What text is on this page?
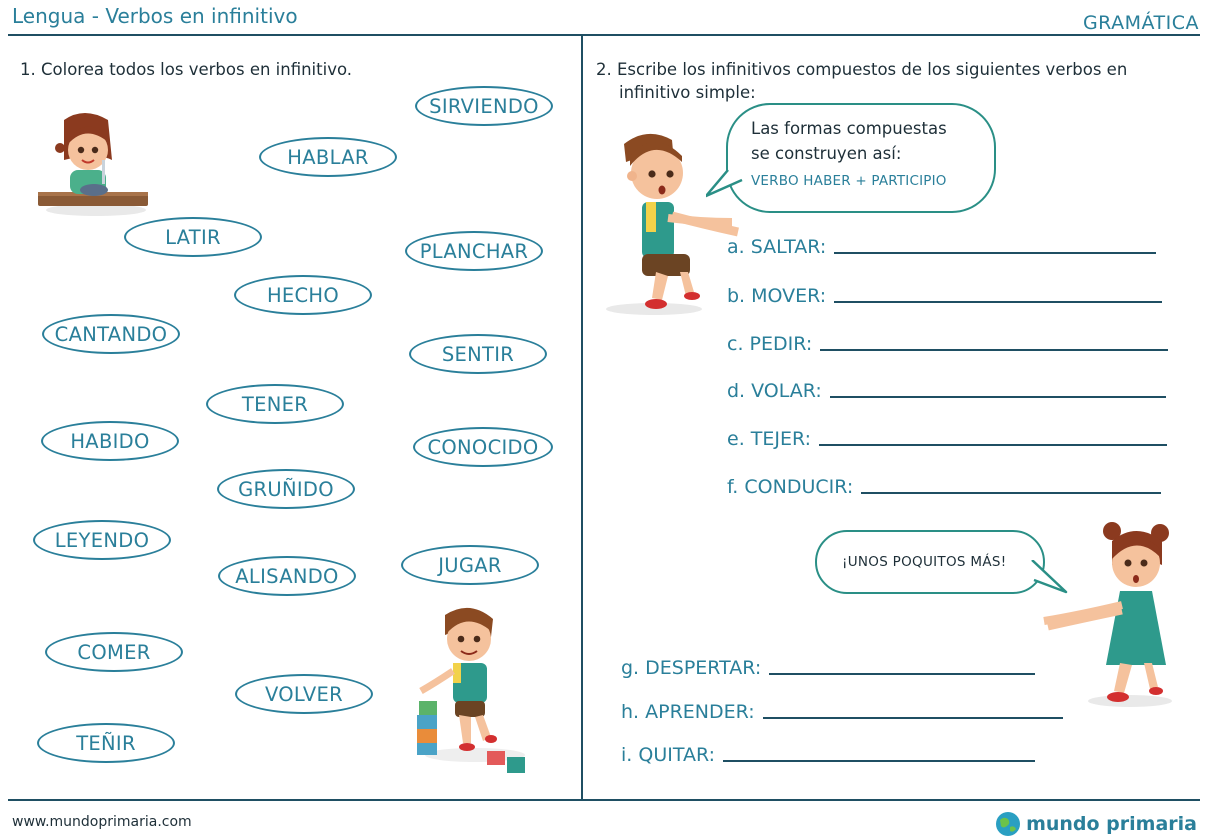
Lengua - Verbos en infinitivo	GRAMÁTICA
1. Colorea todos los verbos en infinitivo.
SIRVIENDO
HABLAR
LATIR
PLANCHAR
HECHO
CANTANDO
SENTIR
TENER
HABIDO	CONOCIDO
GRUÑIDO
LEYENDO
ALISANDO	JUGAR
COMER
VOLVER
TEÑIR
2. Escribe los infinitivos compuestos de los siguientes verbos en
infinitivo simple:
Las formas compuestas
se construyen así:
VERBO HABER + PARTICIPIO
a. SALTAR:
b. MOVER:
c. PEDIR:
d. VOLAR:
e. TEJER:
f. CONDUCIR:
¡UNOS POQUITOS MÁS!
g. DESPERTAR:
h. APRENDER:
i. QUITAR:
www.mundoprimaria.com	mundo primaria
